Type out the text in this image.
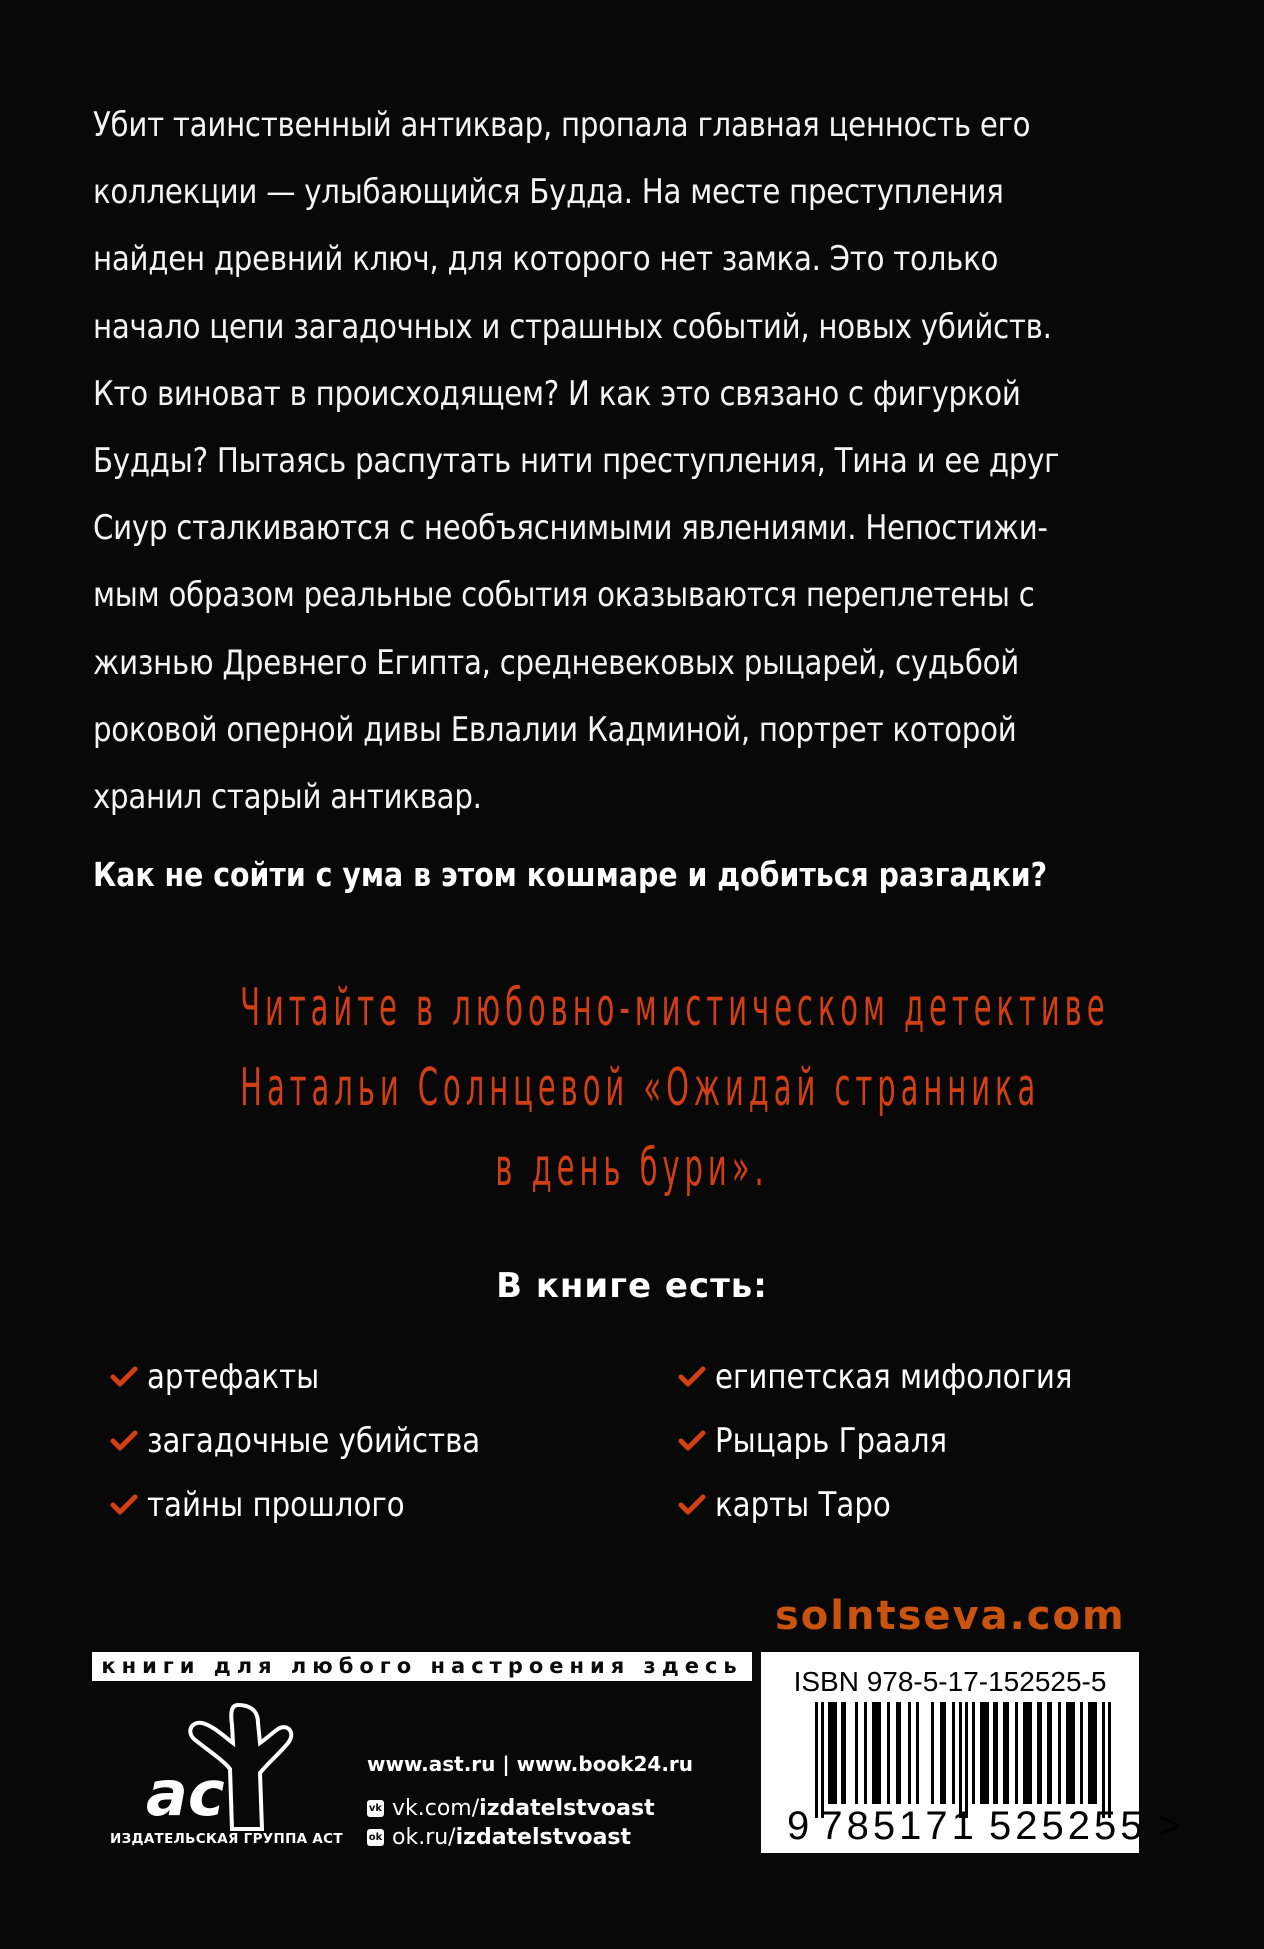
Убит таинственный антиквар, пропала главная ценность его
коллекции — улыбающийся Будда. На месте преступления
найден древний ключ, для которого нет замка. Это только
начало цепи загадочных и страшных событий, новых убийств.
Кто виноват в происходящем? И как это связано с фигуркой
Будды? Пытаясь распутать нити преступления, Тина и ее друг
Сиур сталкиваются с необъяснимыми явлениями. Непостижи-
мым образом реальные события оказываются переплетены с
жизнью Древнего Египта, средневековых рыцарей, судьбой
роковой оперной дивы Евлалии Кадминой, портрет которой
хранил старый антиквар.
Как не сойти с ума в этом кошмаре и добиться разгадки?
Читайте в любовно-мистическом детективе
Натальи Солнцевой «Ожидай странника
в день бури».
В книге есть:
артефакты
загадочные убийства
тайны прошлого
египетская мифология
Рыцарь Грааля
карты Таро
solntseva.com
книги для любого настроения здесь
ac
ИЗДАТЕЛЬСКАЯ ГРУППА АСТ
www.ast.ru | www.book24.ru
vk vk.com/ izdatelstvoast
ok ok.ru/ izdatelstvoast
ISBN 978-5-17-152525-5
9 785171 525255 >
